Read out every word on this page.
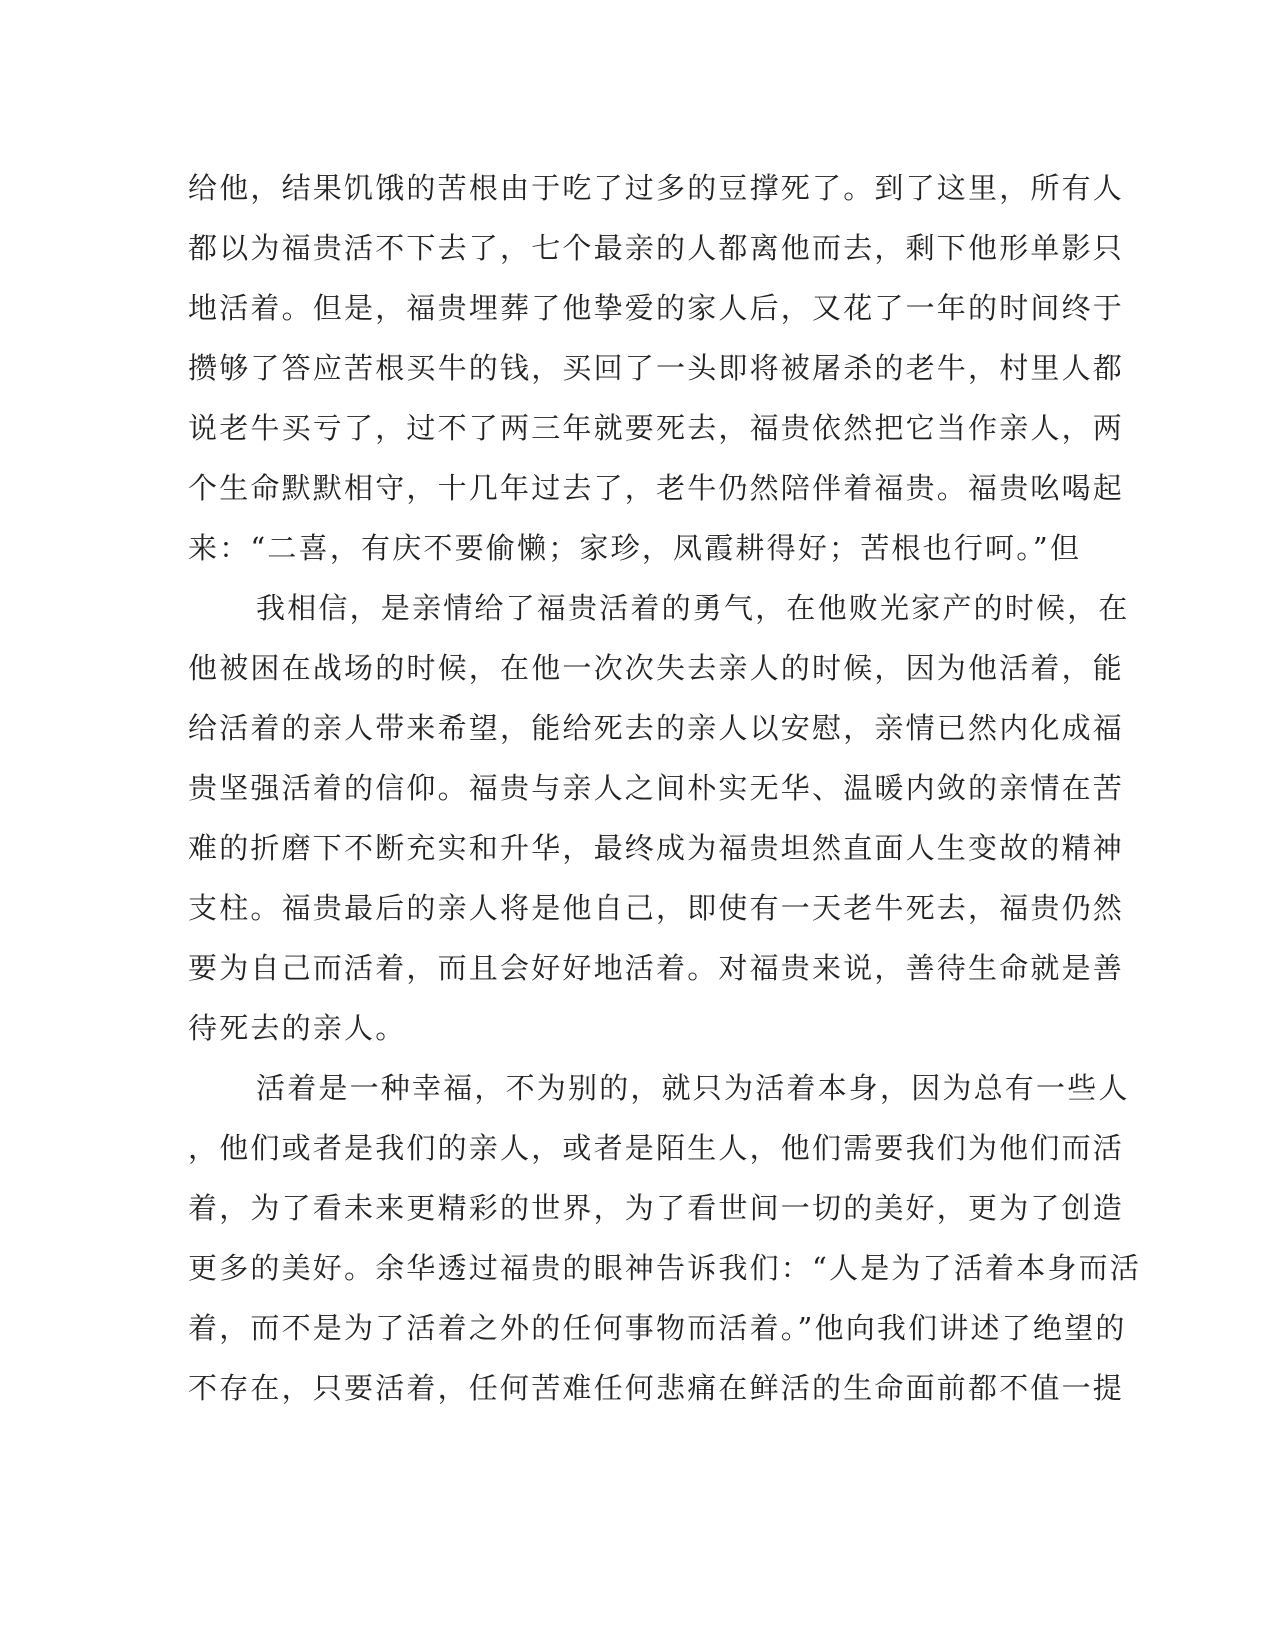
给他，结果饥饿的苦根由于吃了过多的豆撑死了。到了这里，所有人
都以为福贵活不下去了，七个最亲的人都离他而去，剩下他形单影只
地活着。但是，福贵埋葬了他挚爱的家人后，又花了一年的时间终于
攒够了答应苦根买牛的钱，买回了一头即将被屠杀的老牛，村里人都
说老牛买亏了，过不了两三年就要死去，福贵依然把它当作亲人，两
个生命默默相守，十几年过去了，老牛仍然陪伴着福贵。福贵吆喝起
来：“二喜，有庆不要偷懒；家珍，凤霞耕得好；苦根也行呵。”但
我相信，是亲情给了福贵活着的勇气，在他败光家产的时候，在
他被困在战场的时候，在他一次次失去亲人的时候，因为他活着，能
给活着的亲人带来希望，能给死去的亲人以安慰，亲情已然内化成福
贵坚强活着的信仰。福贵与亲人之间朴实无华、温暖内敛的亲情在苦
难的折磨下不断充实和升华，最终成为福贵坦然直面人生变故的精神
支柱。福贵最后的亲人将是他自己，即使有一天老牛死去，福贵仍然
要为自己而活着，而且会好好地活着。对福贵来说，善待生命就是善
待死去的亲人。
活着是一种幸福，不为别的，就只为活着本身，因为总有一些人
，他们或者是我们的亲人，或者是陌生人，他们需要我们为他们而活
着，为了看未来更精彩的世界，为了看世间一切的美好，更为了创造
更多的美好。余华透过福贵的眼神告诉我们：“人是为了活着本身而活
着，而不是为了活着之外的任何事物而活着。”他向我们讲述了绝望的
不存在，只要活着，任何苦难任何悲痛在鲜活的生命面前都不值一提
